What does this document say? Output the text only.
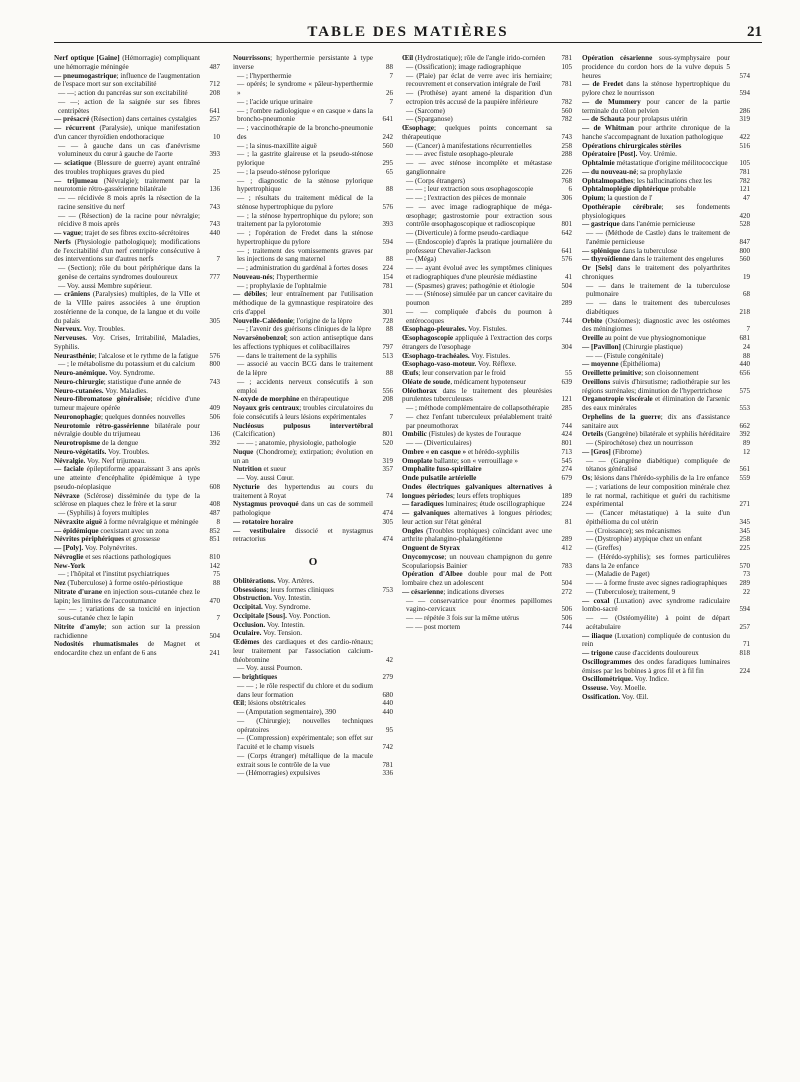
TABLE DES MATIÈRES	21
Nerf optique [Gaine] (Hémorragie) compliquant une hémorragie méningée	487
— pneumogastrique; influence de l'augmentation de l'espace mort sur son excitabilité	712
— —; action du pancréas sur son excitabilité	208
— —; action de la saignée sur ses fibres centripètes	641
— présacré (Résection) dans certaines cystalgies 257
— récurrent (Paralysie), unique manifestation d'un cancer thyroïdien endothoracique	10
— — à gauche dans un cas d'anévrisme volumineux du cœur à gauche de l'aorte	393
— sciatique (Blessure de guerre) ayant entraîné des troubles trophiques graves du pied	25
— trijumeau (Névralgie); traitement par la neurotomie rétro-gassérienne bilatérale	136
— — récidivée 8 mois après la résection de la racine sensitive du nerf	743
— — (Résection) de la racine pour névralgie; récidive 8 mois après	743
— vague; trajet de ses fibres excito-sécrétoires	440
Nerfs (Physiologie pathologique); modifications de l'excitabilité d'un nerf centripète consécutive à des interventions sur d'autres nerfs	7
— (Section); rôle du bout périphérique dans la genèse de certains syndromes douloureux	777
— Voy. aussi Membre supérieur.
— crâniens (Paralysies) multiples, de la VIIe et de la VIIIe paires associées à une éruption zostérienne de la conque, de la langue et du voile du palais	305
Nerveux. Voy. Troubles.
Nerveuses. Voy. Crises, Irritabilité, Maladies, Syphilis.
Neurasthénie; l'alcalose et le rythme de la fatigue 576
— ; le métabolisme du potassium et du calcium 800
Neuro-anémique. Voy. Syndrome.
Neuro-chirurgie; statistique d'une année de	743
Neuro-cutanées. Voy. Maladies.
Neuro-fibromatose généralisée; récidive d'une tumeur majeure opérée	409
Neuronophagie; quelques données nouvelles	506
Neurotomie rétro-gassérienne bilatérale pour névralgie double du trijumeau	136
Neurotropisme de la dengue	392
Neuro-végétatifs. Voy. Troubles.
Névralgie. Voy. Nerf trijumeau.
— faciale épileptiforme apparaissant 3 ans après une atteinte d'encéphalite épidémique à type pseudo-néoplasique	608
Névraxe (Sclérose) disséminée du type de la sclérose en plaques chez le frère et la sœur	408
— (Syphilis) à foyers multiples	487
Névraxite aiguë à forme névralgique et méningée	8
— épidémique coexistant avec un zona	852
Névrites périphériques et grossesse	851
— [Poly]. Voy. Polynévrites.
Névroglie et ses réactions pathologiques	810
New-York	142
— ; l'hôpital et l'institut psychiatriques	75
Nez (Tuberculose) à forme ostéo-périostique	88
Nitrate d'urane en injection sous-cutanée chez le lapin; les limites de l'accoutumance	470
— — ; variations de sa toxicité en injection sous-cutanée chez le lapin	7
Nitrite d'amyle; son action sur la pression rachidienne	504
Nodosités rhumatismales de Magnet et endocardite chez un enfant de 6 ans	241
Nourrissons; hyperthermie persistante à type inverse	88
— ; l'hyperthermie	7
— opérés; le syndrome « pâleur-hyperthermie »	26
— ; l'acide urique urinaire	7
— ; l'ombre radiologique « en casque » dans la broncho-pneumonie	641
— ; vaccinothérapie de la broncho-pneumonie des	242
— ; la sinus-maxillite aiguë	560
— ; la gastrite glaireuse et la pseudo-sténose pylorique	295
— ; la pseudo-sténose pylorique	65
— ; diagnostic de la sténose pylorique hypertrophique	88
— ; résultats du traitement médical de la sténose hypertrophique du pylore	576
— ; la sténose hypertrophique du pylore; son traitement par la pylorotomie	393
— ; l'opération de Fredet dans la sténose hypertrophique du pylore	594
— ; traitement des vomissements graves par les injections de sang maternel	88
— ; administration du gardénal à fortes doses 224
Nouveau-nés; l'hyperthermie	154
— ; prophylaxie de l'ophtalmie	781
— débiles; leur entraînement par l'utilisation méthodique de la gymnastique respiratoire des cris d'appel	301
Nouvelle-Calédonie; l'origine de la lèpre	728
— ; l'avenir des guérisons cliniques de la lèpre 88
Novarsénobenzol; son action antiseptique dans les affections typhiques et colibacillaires	797
— dans le traitement de la syphilis	513
— associé au vaccin BCG dans le traitement de la lèpre	88
— ; accidents nerveux consécutifs à son emploi	556
N-oxyde de morphine en thérapeutique	208
Noyaux gris centraux; troubles circulatoires du foie consécutifs à leurs lésions expérimentales	7
Nucléosus pulposus intervertébral (Calcification)	801
— — ; anatomie, physiologie, pathologie	520
Nuque (Chondrome); extirpation; évolution en un an	319
Nutrition et sueur	357
— Voy. aussi Cœur.
Nycturie des hypertendus au cours du traitement à Royat	74
Nystagmus provoqué dans un cas de sommeil pathologique	474
— rotatoire horaire	305
— vestibulaire dissocié et nystagmus retractorius	474
O
Oblitérations. Voy. Artères.
Obsessions; leurs formes cliniques	753
Obstruction. Voy. Intestin.
Occipital. Voy. Syndrome.
Occipitale [Sous]. Voy. Ponction.
Occlusion. Voy. Intestin.
Oculaire. Voy. Tension.
Œdèmes des cardiaques et des cardio-rénaux; leur traitement par l'association calcium-théobromine	42
— Voy. aussi Poumon.
— brightiques	279
— — ; le rôle respectif du chlore et du sodium dans leur formation	680
Œil; lésions obstétricales	440
— (Amputation segmentaire), 390	440
— (Chirurgie); nouvelles techniques opératoires	95
— (Compression) expérimentale; son effet sur l'acuité et le champ visuels	742
— (Corps étranger) métallique de la macule extrait sous le contrôle de la vue	781
— (Hémorragies) expulsives	336
Œil (Hydrostatique); rôle de l'angle irido-cornéen 781
— (Ossification); image radiographique	105
— (Plaie) par éclat de verre avec iris herniaire; recouvrement et conservation intégrale de l'œil	781
— (Prothèse) ayant amené la disparition d'un ectropion très accusé de la paupière inférieure	782
— (Sarcome)	560
— (Sparganose)	782
Œsophage; quelques points concernant sa thérapeutique	743
— (Cancer) à manifestations récurrentielles	258
— — avec fistule œsophago-pleurale	288
— — avec sténose incomplète et métastase ganglionnaire	226
— (Corps étrangers)	768
— — ; leur extraction sous œsophagoscopie	6
— — ; l'extraction des pièces de monnaie	306
— — avec image radiographique de méga-œsophage; gastrostomie pour extraction sous contrôle œsophagoscopique et radioscopique	801
— (Diverticule) à forme pseudo-cardiaque	642
— (Endoscopie) d'après la pratique journalière du professeur Chevalier-Jackson	641
— (Méga)	576
— — ayant évolué avec les symptômes cliniques et radiographiques d'une pleurésie médiastine	41
— (Spasmes) graves; pathogénie et étiologie	504
— — (Sténose) simulée par un cancer cavitaire du poumon	289
— — compliquée d'abcès du poumon à entérocoques	744
Œsophago-pleurales. Voy. Fistules.
Œsophagoscopie appliquée à l'extraction des corps étrangers de l'œsophage	304
Œsophago-trachéales. Voy. Fistules.
Œsophago-vaso-moteur. Voy. Réflexe.
Œufs; leur conservation par le froid	55
Oléate de soude, médicament hypotenseur	639
Oléothorax dans le traitement des pleurésies purulentes tuberculeuses	121
— ; méthode complémentaire de collapsothérapie 285
— chez l'enfant tuberculeux préalablement traité par pneumothorax	744
Ombilic (Fistules) de kystes de l'ouraque	424
— — (Diverticulaires)	801
Ombre « en casque » et hérédo-syphilis	713
Omoplate ballante; son « verrouillage »	545
Omphalite fuso-spirillaire	274
Onde pulsatile artérielle	679
Ondes électriques galvaniques alternatives à longues périodes; leurs effets trophiques	189
— faradiques luminaires; étude oscillographique 224
— galvaniques alternatives à longues périodes; leur action sur l'état général	81
Ongles (Troubles trophiques) coïncidant avec une arthrite phalangino-phalangétienne	289
Onguent de Styrax	412
Onycomycose; un nouveau champignon du genre Scopulariopsis Bainier	783
Opération d'Albee double pour mal de Pott lombaire chez un adolescent	504
— césarienne; indications diverses	272
— — conservatrice pour énormes papillomes vagino-cervicaux	506
— — répétée 3 fois sur la même utérus	506
— — post mortem	744
Opération césarienne sous-symphysaire pour procidence du cordon hors de la vulve depuis 5 heures	574
— de Fredet dans la sténose hypertrophique du pylore chez le nourrisson	594
— de Mummery pour cancer de la partie terminale du côlon pelvien	286
— de Schauta pour prolapsus utérin	319
— de Whitman pour arthrite chronique de la hanche s'accompagnant de luxation pathologique 422
Opérations chirurgicales stériles	516
Opératoire [Post]. Voy. Urémie.
Ophtalmie métastatique d'origine méilitococcique 105
— du nouveau-né; sa prophylaxie	781
Ophtalmopathes; les hallucinations chez les	782
Ophtalmoplégie diphtérique probable	121
Opium; la question de l'	47
Opothérapie cérébrale; ses fondements physiologiques	420
— gastrique dans l'anémie pernicieuse	528
— — (Méthode de Castle) dans le traitement de l'anémie pernicieuse	847
— splénique dans la tuberculose	800
— thyroïdienne dans le traitement des engelures 560
Or [Sels] dans le traitement des polyarthrites chroniques	19
— — dans le traitement de la tuberculose pulmonaire	68
— — dans le traitement des tuberculoses diabétiques	218
Orbite (Ostéomes); diagnostic avec les ostéomes des méningiomes	7
Oreille au point de vue physiognomonique	681
— [Pavillon] (Chirurgie plastique)	24
— — (Fistule congénitale)	88
— moyenne (Épithélioma)	440
Oreillette primitive; son cloisonnement	656
Oreillons suivis d'hirsutisme; radiothérapie sur les régions surrénales; diminution de l'hypertrichose 575
Organotropie viscérale et élimination de l'arsenic des eaux minérales	553
Orphelins de la guerre; dix ans d'assistance sanitaire aux	662
Orteils (Gangrène) bilatérale et syphilis héréditaire 392
— (Spirochétose) chez un nourrisson	89
— [Gros] (Fibrome)	12
— — (Gangrène diabétique) compliquée de tétanos généralisé	561
Os; lésions dans l'hérédo-syphilis de la 1re enfance 559
— ; variations de leur composition minérale chez le rat normal, rachitique et guéri du rachitisme expérimental	271
— (Cancer métastatique) à la suite d'un épithélioma du col utérin	345
— (Croissance); ses mécanismes	345
— (Dystrophie) atypique chez un enfant	258
— (Greffes)	225
— (Hérédo-syphilis); ses formes particulières dans la 2e enfance	570
— (Maladie de Paget)	73
— — à forme fruste avec signes radiographiques 289
— (Tuberculose); traitement, 9	22
— coxal (Luxation) avec syndrome radiculaire lombo-sacré	594
— — (Ostéomyélite) à point de départ acétabulaire	257
— iliaque (Luxation) compliquée de contusion du rein	71
— trigone cause d'accidents douloureux	818
Oscillogrammes des ondes faradiques luminaires émises par les bobines à gros fil et à fil fin	224
Oscillométrique. Voy. Indice.
Osseuse. Voy. Moelle.
Ossification. Voy. Œil.
